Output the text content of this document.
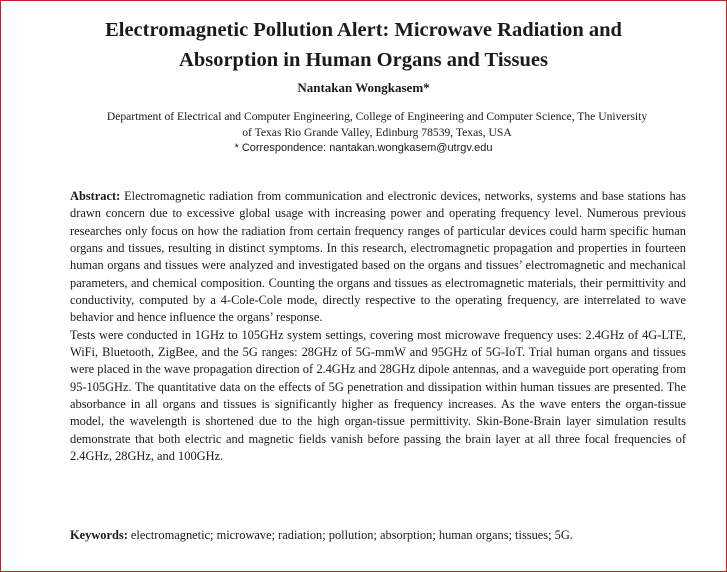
Electromagnetic Pollution Alert: Microwave Radiation and
Absorption in Human Organs and Tissues
Nantakan Wongkasem*
Department of Electrical and Computer Engineering, College of Engineering and Computer Science, The University
of Texas Rio Grande Valley, Edinburg 78539, Texas, USA
* Correspondence: nantakan.wongkasem@utrgv.edu

Abstract: Electromagnetic radiation from communication and electronic devices, networks, systems and base stations has drawn concern due to excessive global usage with increasing power and operating frequency level. Numerous previous researches only focus on how the radiation from certain frequency ranges of particular devices could harm specific human organs and tissues, resulting in distinct symptoms. In this research, electromagnetic propagation and properties in fourteen human organs and tissues were analyzed and investigated based on the organs and tissues’ electromagnetic and mechanical parameters, and chemical composition. Counting the organs and tissues as electromagnetic materials, their permittivity and conductivity, computed by a 4-Cole-Cole mode, directly respective to the operating frequency, are interrelated to wave behavior and hence influence the organs’ response.

Tests were conducted in 1GHz to 105GHz system settings, covering most microwave frequency uses: 2.4GHz of 4G-LTE, WiFi, Bluetooth, ZigBee, and the 5G ranges: 28GHz of 5G-mmW and 95GHz of 5G-IoT. Trial human organs and tissues were placed in the wave propagation direction of 2.4GHz and 28GHz dipole antennas, and a waveguide port operating from 95-105GHz. The quantitative data on the effects of 5G penetration and dissipation within human tissues are presented. The absorbance in all organs and tissues is significantly higher as frequency increases. As the wave enters the organ-tissue model, the wavelength is shortened due to the high organ-tissue permittivity. Skin-Bone-Brain layer simulation results demonstrate that both electric and magnetic fields vanish before passing the brain layer at all three focal frequencies of 2.4GHz, 28GHz, and 100GHz.

Keywords: electromagnetic; microwave; radiation; pollution; absorption; human organs; tissues; 5G.
